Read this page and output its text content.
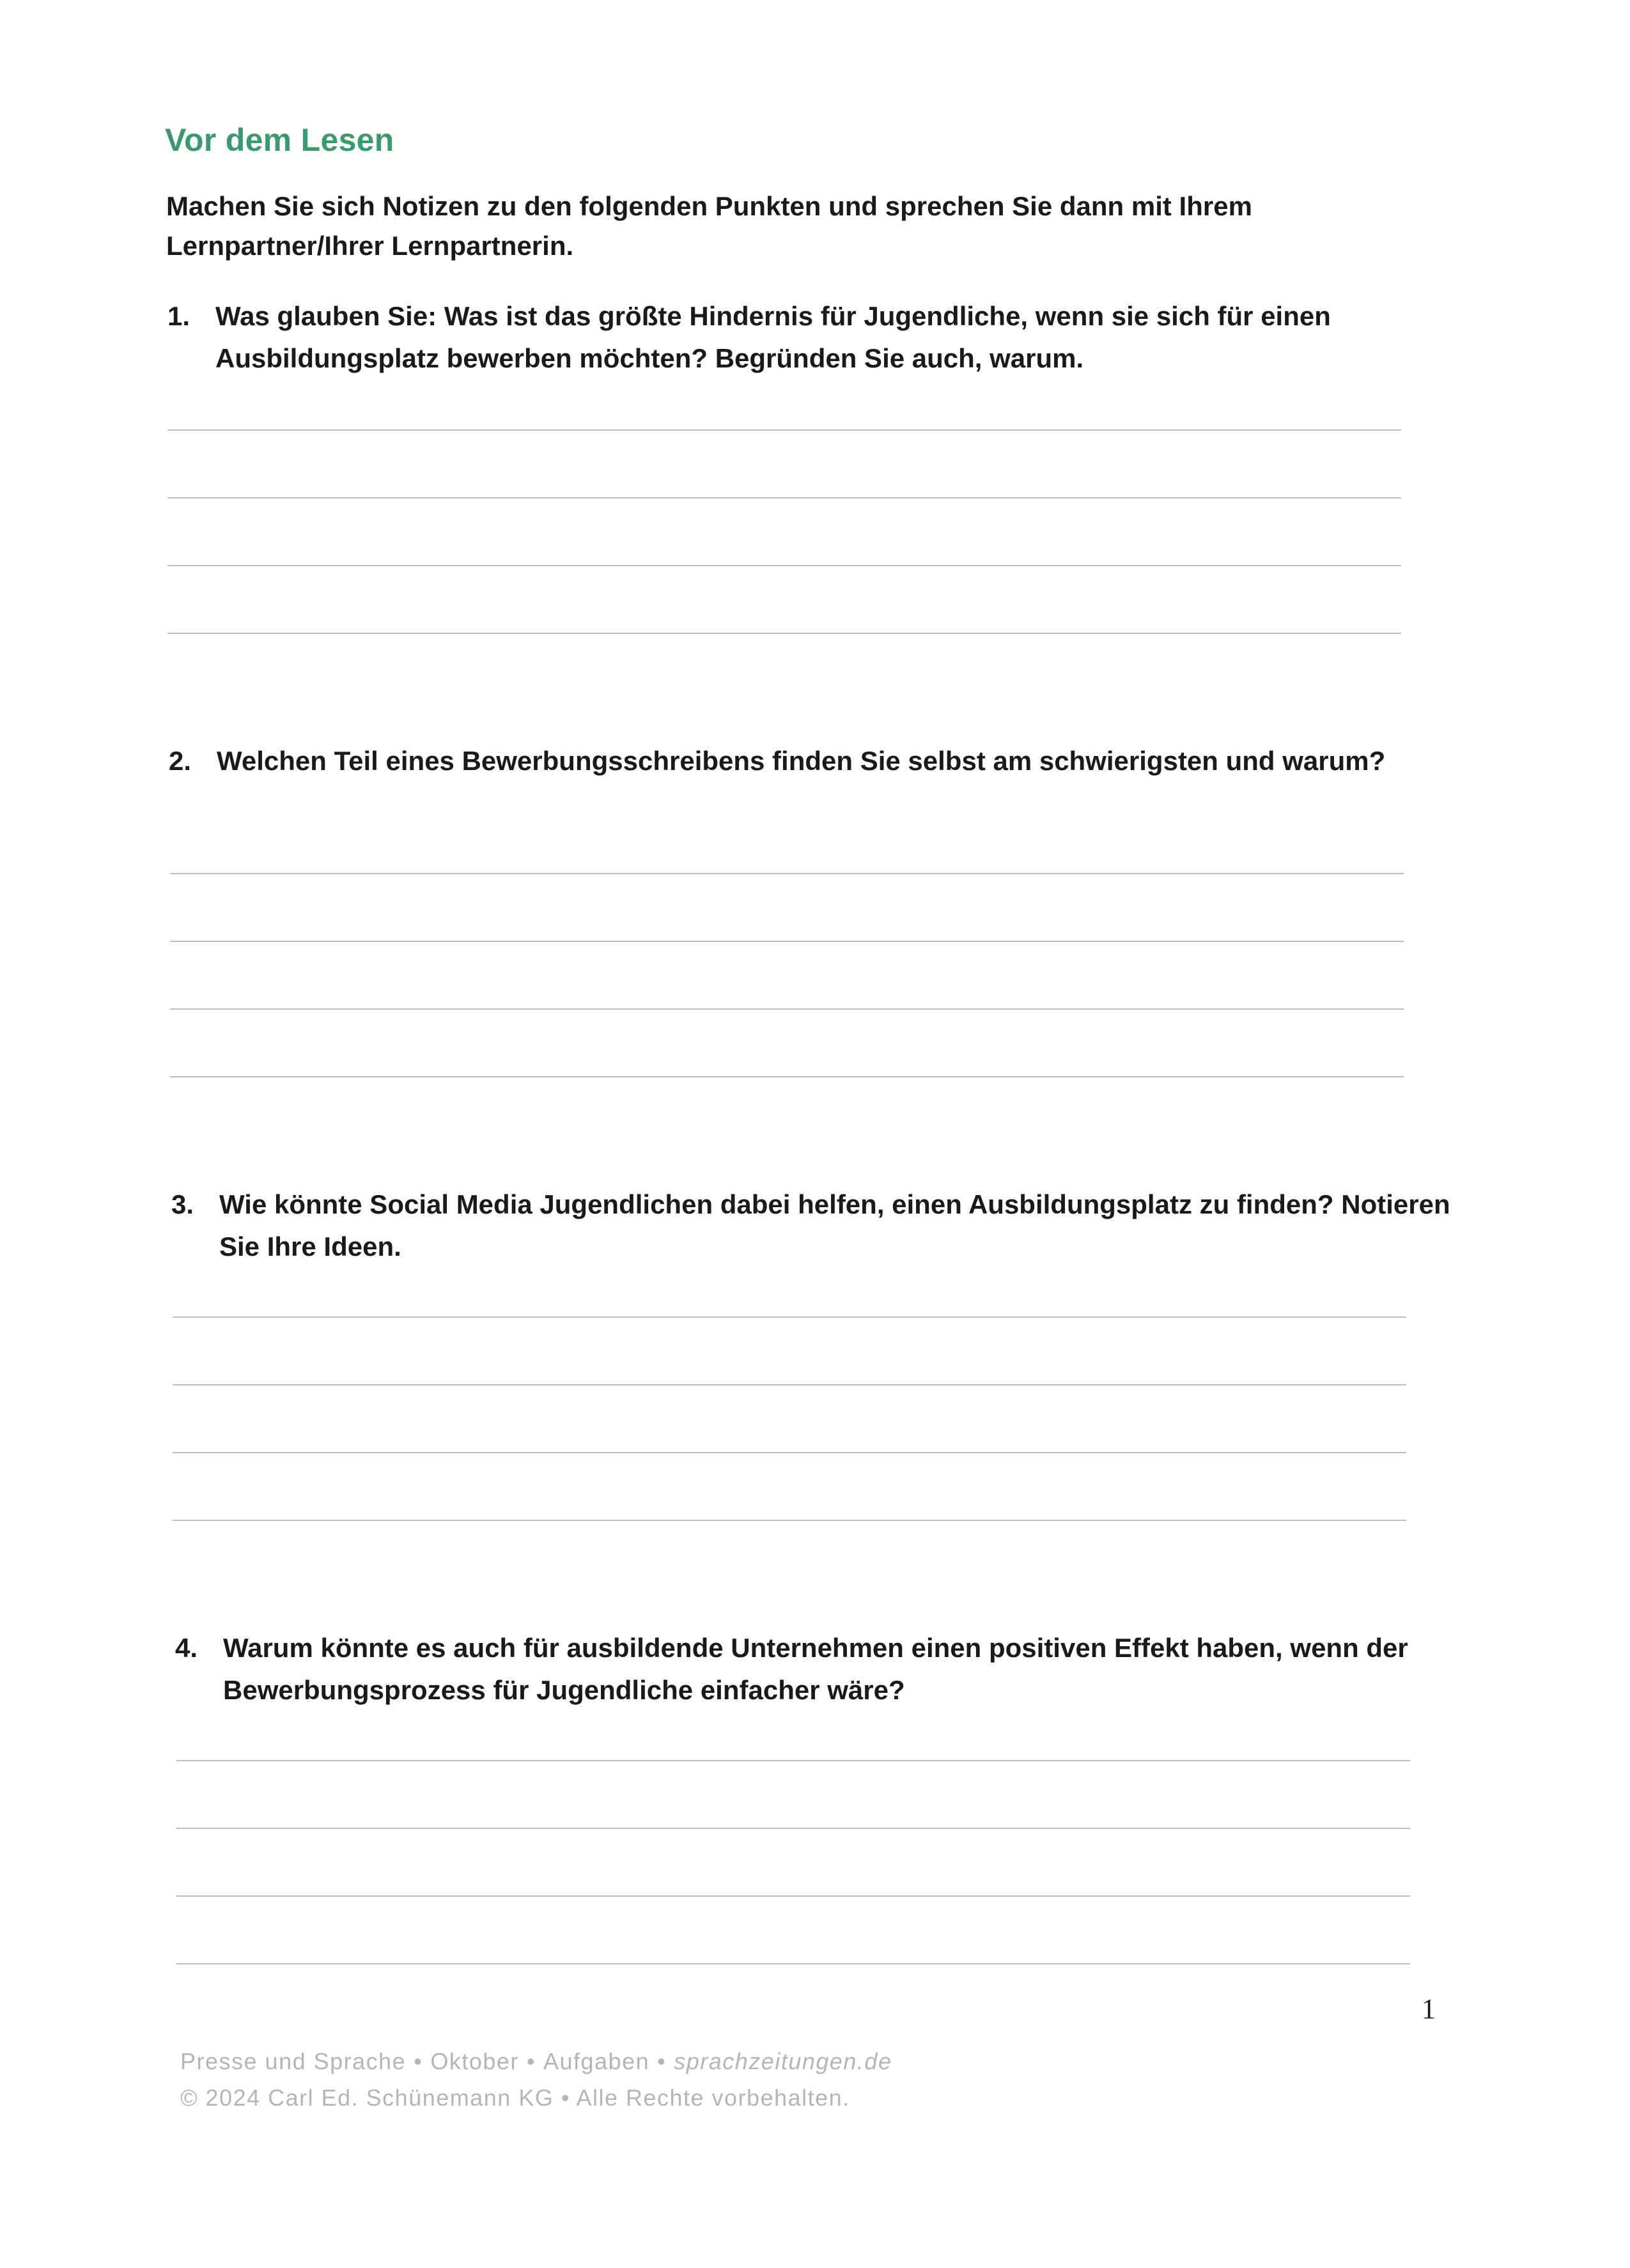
Vor dem Lesen
Machen Sie sich Notizen zu den folgenden Punkten und sprechen Sie dann mit Ihrem Lernpartner/Ihrer Lernpartnerin.
1. Was glauben Sie: Was ist das größte Hindernis für Jugendliche, wenn sie sich für einen Ausbildungsplatz bewerben möchten? Begründen Sie auch, warum.
2. Welchen Teil eines Bewerbungsschreibens finden Sie selbst am schwierigsten und warum?
3. Wie könnte Social Media Jugendlichen dabei helfen, einen Ausbildungsplatz zu finden? Notieren Sie Ihre Ideen.
4. Warum könnte es auch für ausbildende Unternehmen einen positiven Effekt haben, wenn der Bewerbungsprozess für Jugendliche einfacher wäre?
1
Presse und Sprache • Oktober • Aufgaben • sprachzeitungen.de
© 2024 Carl Ed. Schünemann KG • Alle Rechte vorbehalten.
